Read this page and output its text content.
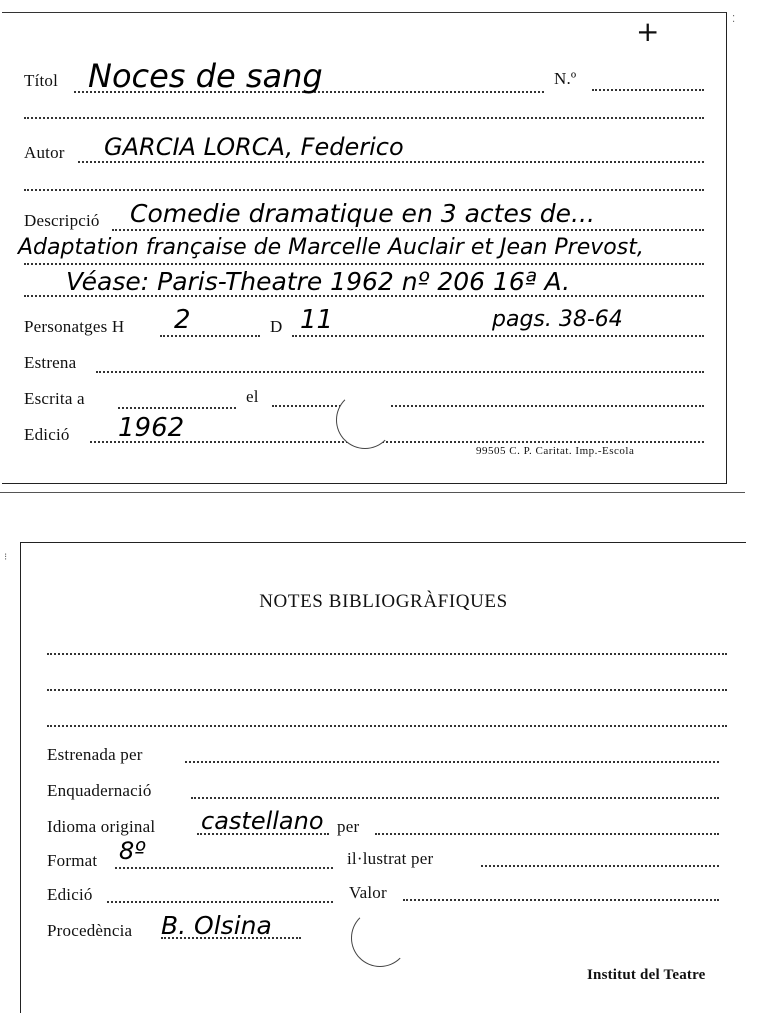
+
Títol Noces de sang	N.º
Autor GARCIA LORCA, Federico
Descripció Comedie dramatique en 3 actes de...
Adaptation française de Marcelle Auclair et Jean Prevost,
Véase: Paris-Theatre 1962 nº 206 16ª A.
Personatges H 2	D 11	pags. 38-64
Estrena
Escrita a	el
Edició 1962
99505 C. P. Caritat. Imp.-Escola
⁚
⁝
NOTES BIBLIOGRÀFIQUES
Estrenada per
Enquadernació
Idioma original castellano per
Format 8º	il·lustrat per
Edició	Valor
Procedència B. Olsina
Institut del Teatre
